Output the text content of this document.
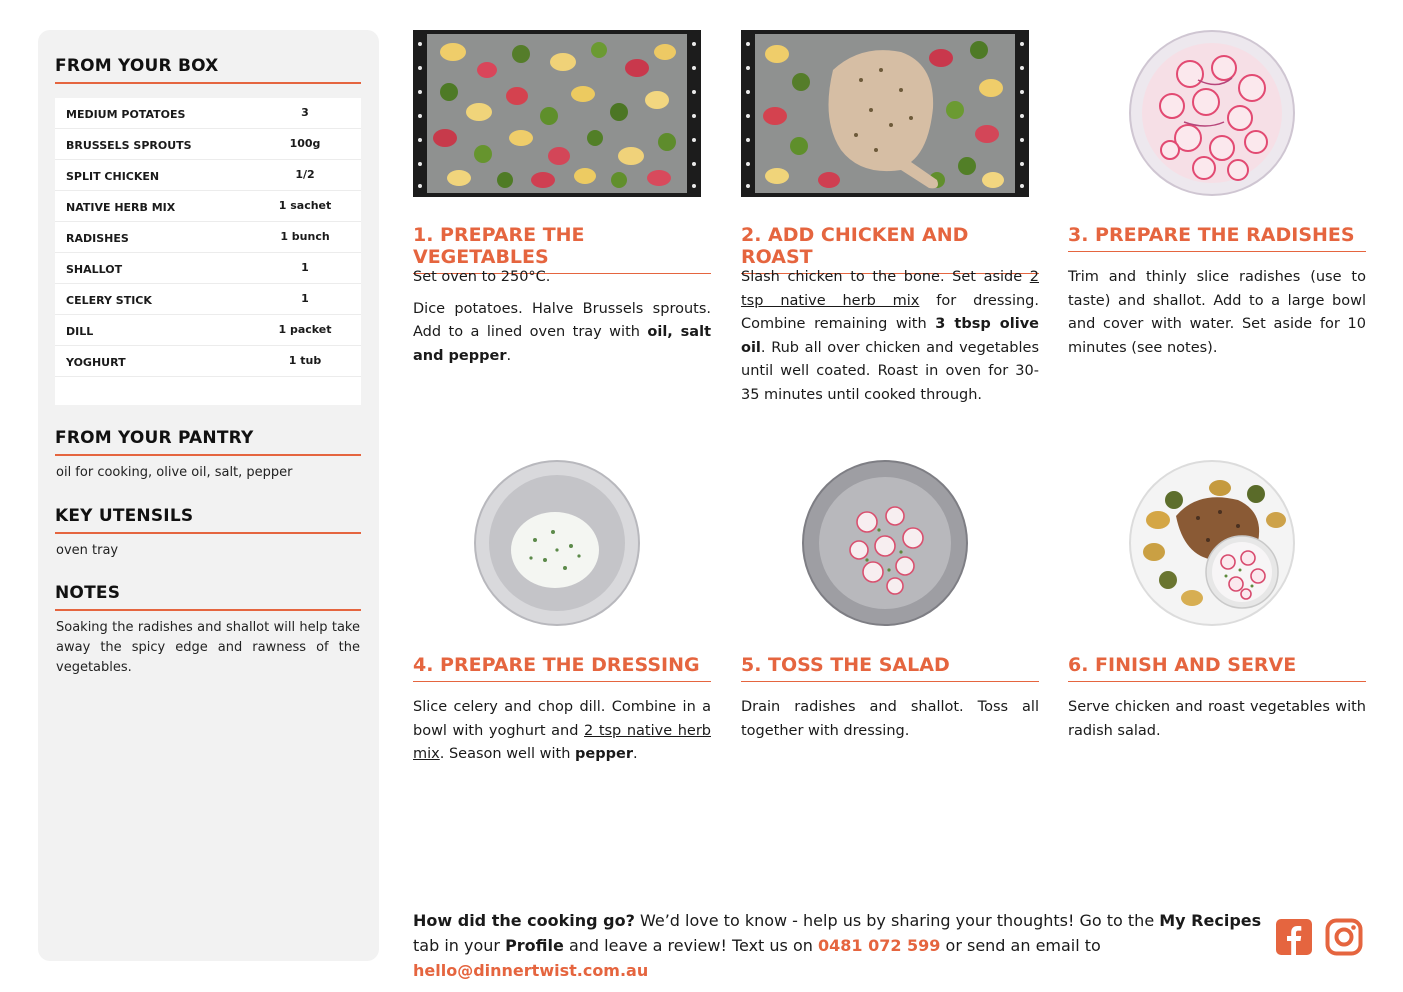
FROM YOUR BOX
MEDIUM POTATOES	3
BRUSSELS SPROUTS	100g
SPLIT CHICKEN	1/2
NATIVE HERB MIX	1 sachet
RADISHES	1 bunch
SHALLOT	1
CELERY STICK	1
DILL	1 packet
YOGHURT	1 tub
FROM YOUR PANTRY
oil for cooking, olive oil, salt, pepper
KEY UTENSILS
oven tray
NOTES
Soaking the radishes and shallot will help take away the spicy edge and rawness of the vegetables.
1. PREPARE THE VEGETABLES

Set oven to 250°C.

Dice potatoes. Halve Brussels sprouts. Add to a lined oven tray with oil, salt and pepper.

2. ADD CHICKEN AND ROAST

Slash chicken to the bone. Set aside 2 tsp native herb mix for dressing. Combine remaining with 3 tbsp olive oil. Rub all over chicken and vegetables until well coated. Roast in oven for 30-35 minutes until cooked through.

3. PREPARE THE RADISHES
Trim and thinly slice radishes (use to taste) and shallot. Add to a large bowl and cover with water. Set aside for 10 minutes (see notes).
4. PREPARE THE DRESSING

Slice celery and chop dill. Combine in a bowl with yoghurt and 2 tsp native herb mix. Season well with pepper.

5. TOSS THE SALAD
Drain radishes and shallot. Toss all together with dressing.
6. FINISH AND SERVE
Serve chicken and roast vegetables with radish salad.
How did the cooking go? We’d love to know - help us by sharing your thoughts! Go to the My Recipes tab in your Profile and leave a review! Text us on 0481 072 599 or send an email to hello@dinnertwist.com.au
